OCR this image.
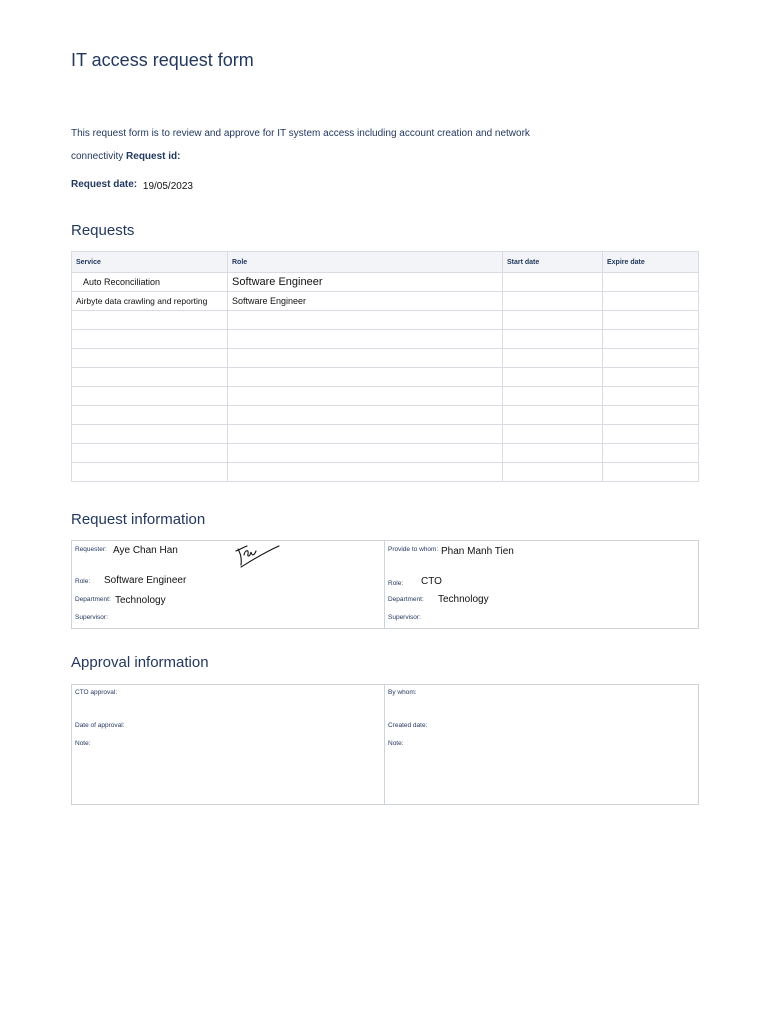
IT access request form
This request form is to review and approve for IT system access including account creation and network
connectivity Request id:
Request date: 19/05/2023
Requests
Service	Role	Start date	Expire date
Auto Reconciliation	Software Engineer		
Airbyte data crawling and reporting	Software Engineer		

Request information
Requester: Aye Chan Han
Role: Software Engineer
Department: Technology
Supervisor:
Provide to whom: Phan Manh Tien
Role: CTO
Department: Technology
Supervisor:
Approval information
CTO approval:
Date of approval:
Note:
By whom:
Created date:
Note:
